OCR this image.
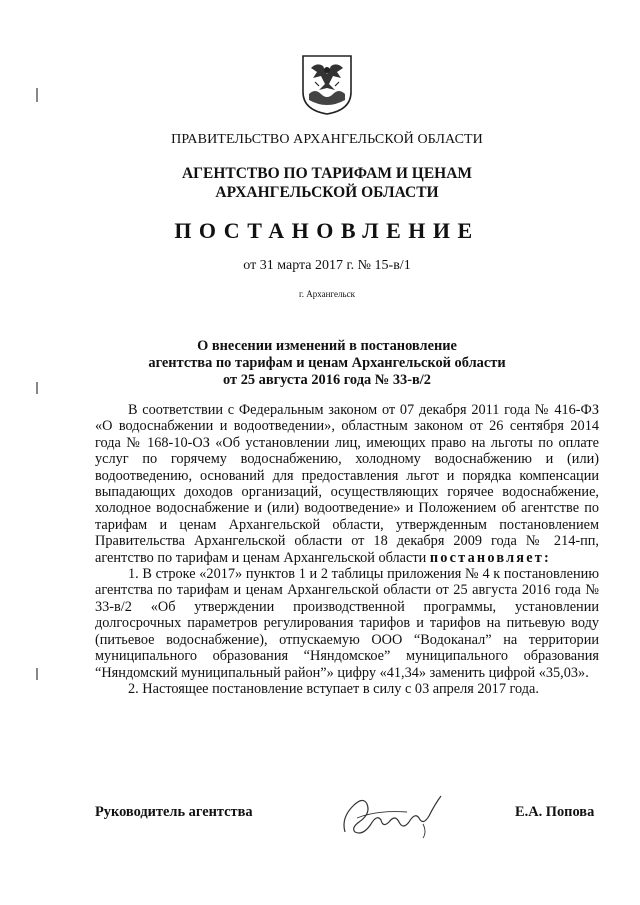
ПРАВИТЕЛЬСТВО АРХАНГЕЛЬСКОЙ ОБЛАСТИ
АГЕНТСТВО ПО ТАРИФАМ И ЦЕНАМ
АРХАНГЕЛЬСКОЙ ОБЛАСТИ
ПОСТАНОВЛЕНИЕ
от 31 марта 2017 г. № 15-в/1
г. Архангельск
О внесении изменений в постановление
агентства по тарифам и ценам Архангельской области
от 25 августа 2016 года № 33-в/2

В соответствии с Федеральным законом от 07 декабря 2011 года № 416-ФЗ «О водоснабжении и водоотведении», областным законом от 26 сентября 2014 года № 168-10-ОЗ «Об установлении лиц, имеющих право на льготы по оплате услуг по горячему водоснабжению, холодному водоснабжению и (или) водоотведению, оснований для предоставления льгот и порядка компенсации выпадающих доходов организаций, осуществляющих горячее водоснабжение, холодное водоснабжение и (или) водоотведение» и Положением об агентстве по тарифам и ценам Архангельской области, утвержденным постановлением Правительства Архангельской области от 18 декабря 2009 года № 214-пп, агентство по тарифам и ценам Архангельской области постановляет:

1. В строке «2017» пунктов 1 и 2 таблицы приложения № 4 к постановлению агентства по тарифам и ценам Архангельской области от 25 августа 2016 года № 33-в/2 «Об утверждении производственной программы, установлении долгосрочных параметров регулирования тарифов и тарифов на питьевую воду (питьевое водоснабжение), отпускаемую ООО “Водоканал” на территории муниципального образования “Няндомское” муниципального образования “Няндомский муниципальный район”» цифру «41,34» заменить цифрой «35,03».

2. Настоящее постановление вступает в силу с 03 апреля 2017 года.

Руководитель агентства	Е.А. Попова
